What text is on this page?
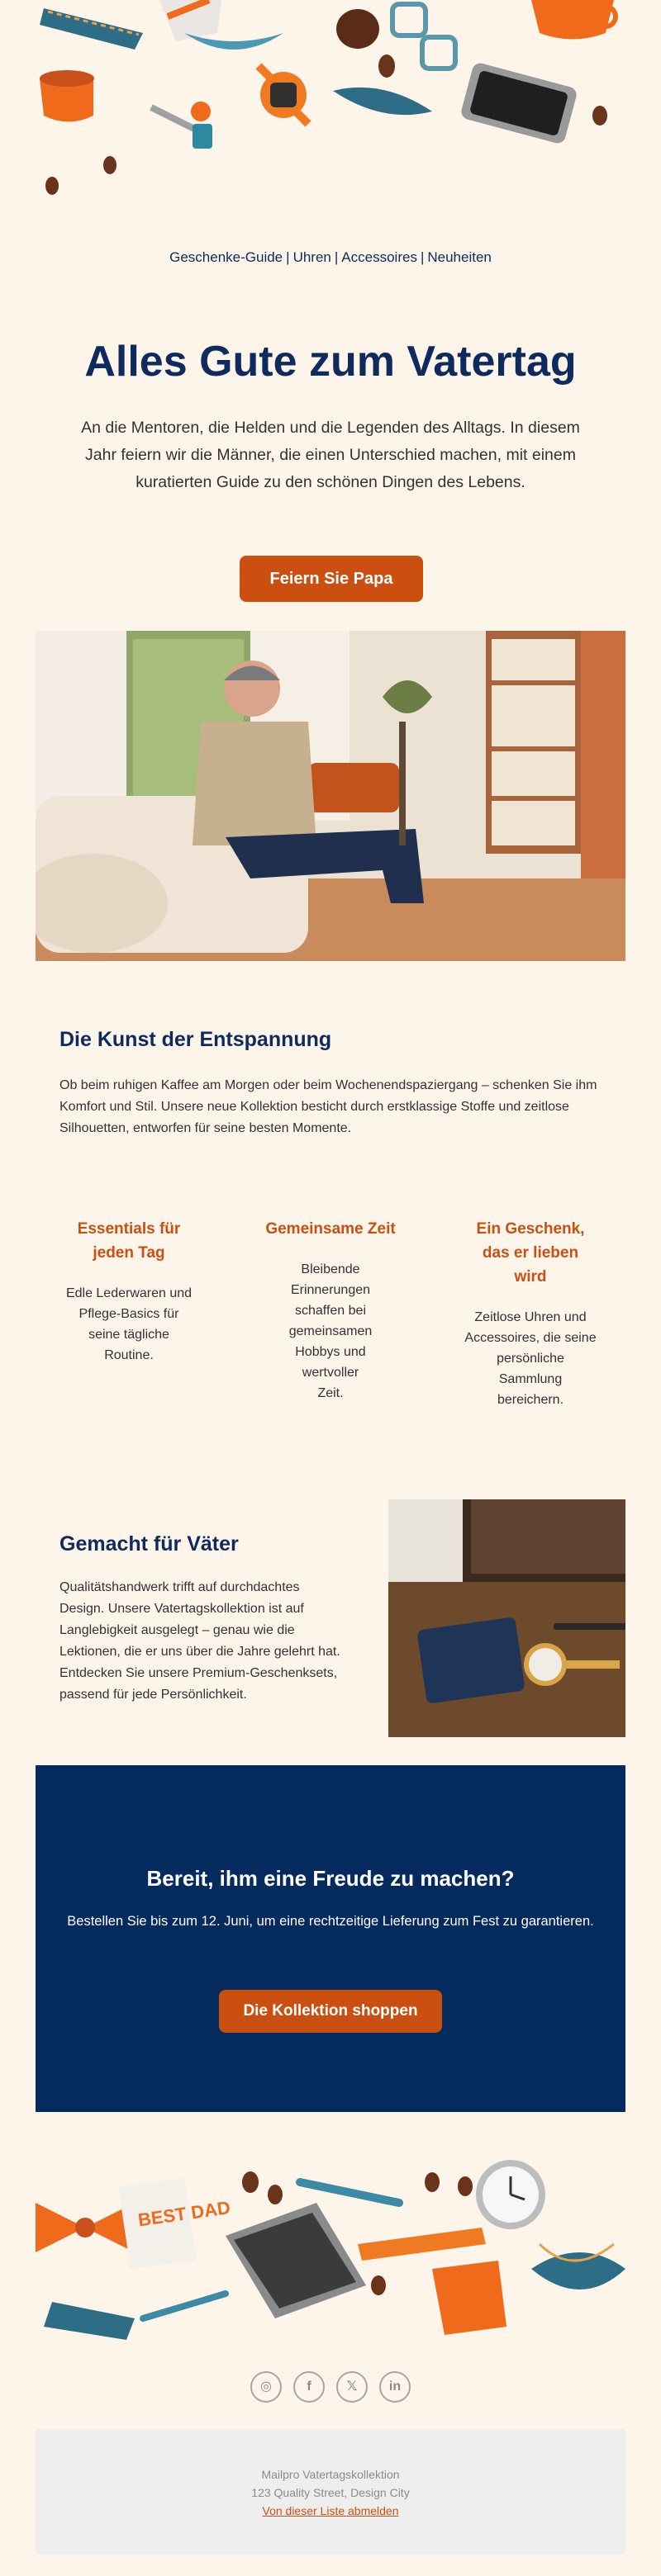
Geschenke-Guide | Uhren | Accessoires | Neuheiten
Alles Gute zum Vatertag

An die Mentoren, die Helden und die Legenden des Alltags. In diesem Jahr feiern wir die Männer, die einen Unterschied machen, mit einem kuratierten Guide zu den schönen Dingen des Lebens.

Feiern Sie Papa
Die Kunst der Entspannung

Ob beim ruhigen Kaffee am Morgen oder beim Wochenendspaziergang – schenken Sie ihm Komfort und Stil. Unsere neue Kollektion besticht durch erstklassige Stoffe und zeitlose Silhouetten, entworfen für seine besten Momente.

Essentials für jeden Tag

Edle Lederwaren und Pflege-Basics für seine tägliche Routine.

Gemeinsame Zeit

Bleibende Erinnerungen schaffen bei gemeinsamen Hobbys und wertvoller Zeit.

Ein Geschenk, das er lieben wird

Zeitlose Uhren und Accessoires, die seine persönliche Sammlung bereichern.

Gemacht für Väter

Qualitätshandwerk trifft auf durchdachtes Design. Unsere Vatertagskollektion ist auf Langlebigkeit ausgelegt – genau wie die Lektionen, die er uns über die Jahre gelehrt hat. Entdecken Sie unsere Premium-Geschenksets, passend für jede Persönlichkeit.

Bereit, ihm eine Freude zu machen?

Bestellen Sie bis zum 12. Juni, um eine rechtzeitige Lieferung zum Fest zu garantieren.

Die Kollektion shoppen
BEST DAD
◎	f	𝕏	in
Mailpro Vatertagskollektion
123 Quality Street, Design City
Von dieser Liste abmelden
